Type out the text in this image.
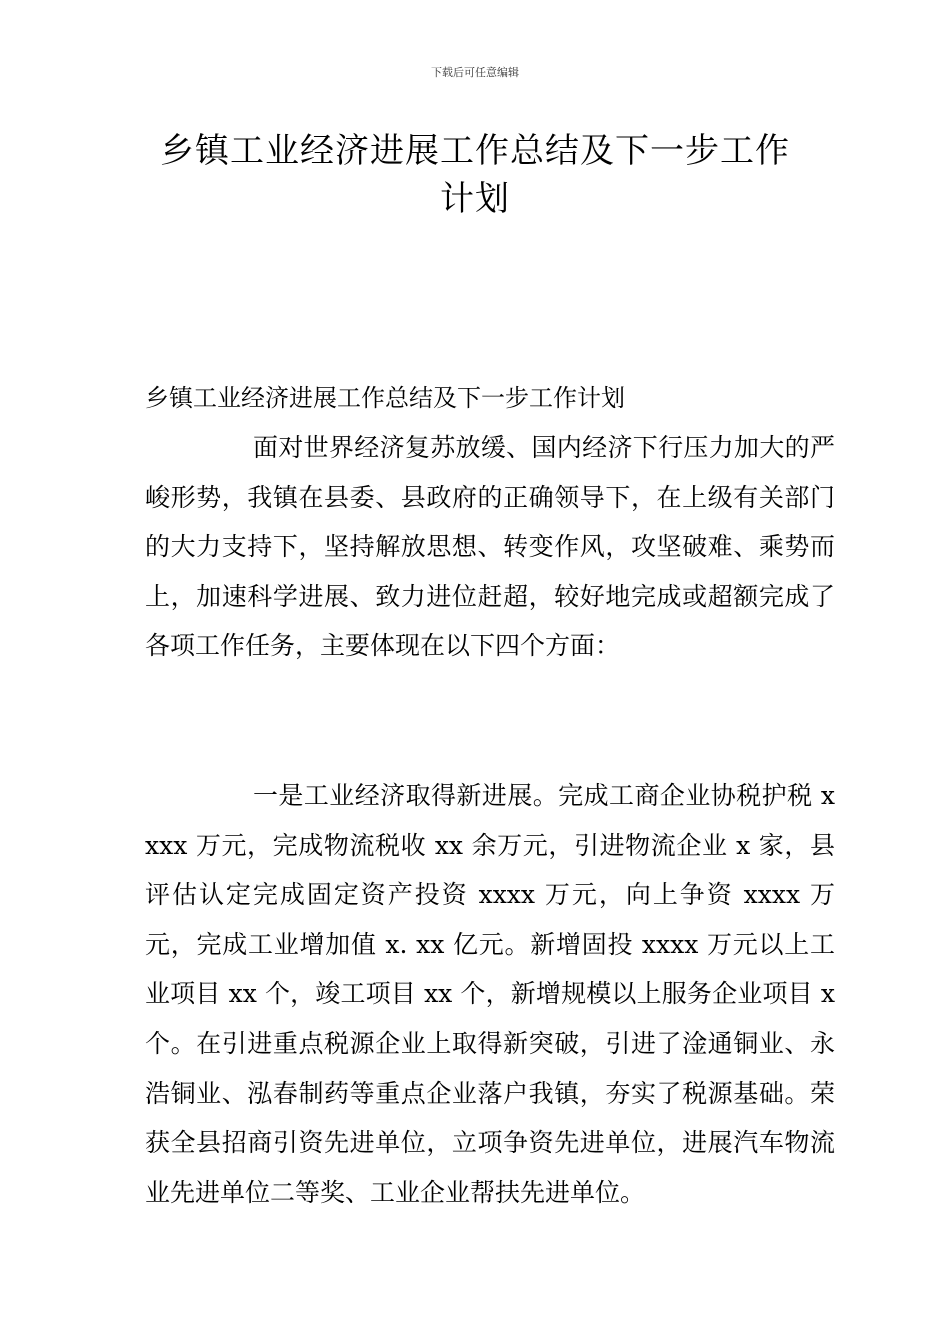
下载后可任意编辑
乡镇工业经济进展工作总结及下一步工作
计划
乡镇工业经济进展工作总结及下一步工作计划

面对世界经济复苏放缓、国内经济下行压力加大的严峻形势，我镇在县委、县政府的正确领导下，在上级有关部门的大力支持下，坚持解放思想、转变作风，攻坚破难、乘势而上，加速科学进展、致力进位赶超，较好地完成或超额完成了各项工作任务，主要体现在以下四个方面：

一是工业经济取得新进展。完成工商企业协税护税 xxxx 万元，完成物流税收 xx 余万元，引进物流企业 x 家，县评估认定完成固定资产投资 xxxx 万元，向上争资 xxxx 万元，完成工业增加值 x. xx 亿元。新增固投 xxxx 万元以上工业项目 xx 个，竣工项目 xx 个，新增规模以上服务企业项目 x 个。在引进重点税源企业上取得新突破，引进了淦通铜业、永浩铜业、泓春制药等重点企业落户我镇，夯实了税源基础。荣获全县招商引资先进单位，立项争资先进单位，进展汽车物流业先进单位二等奖、工业企业帮扶先进单位。
